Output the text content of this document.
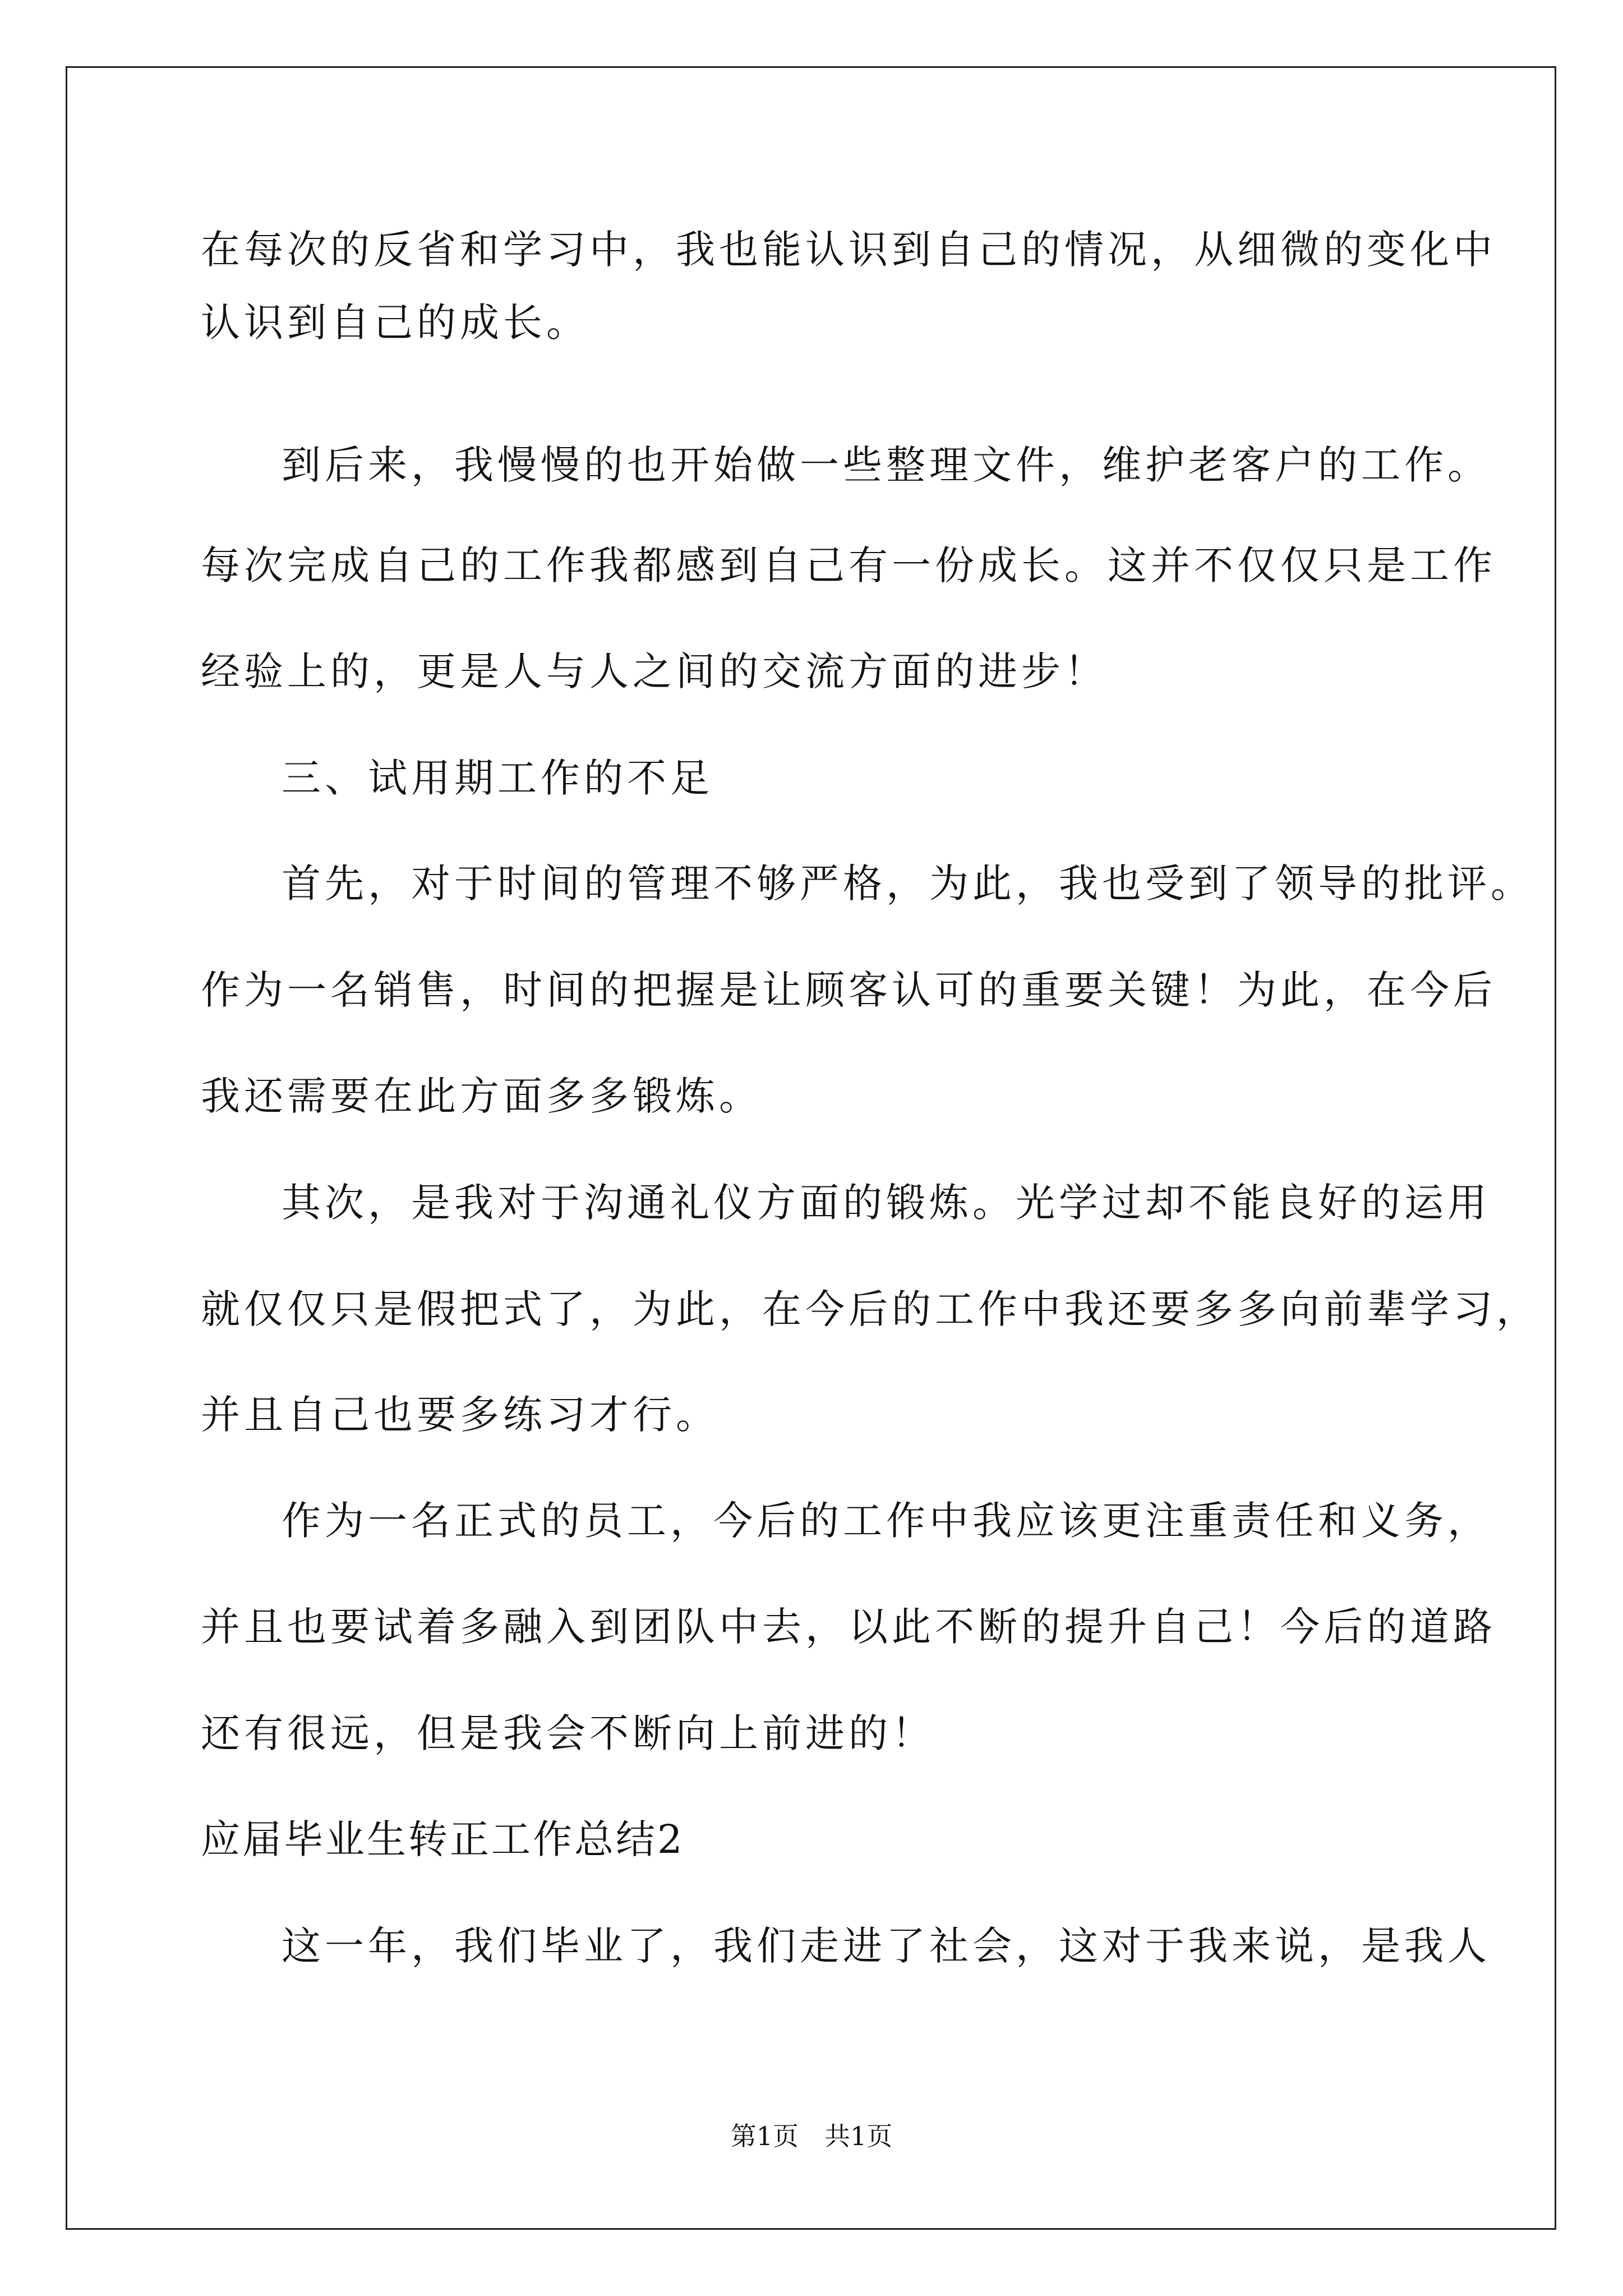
在每次的反省和学习中，我也能认识到自己的情况，从细微的变化中
认识到自己的成长。
到后来，我慢慢的也开始做一些整理文件，维护老客户的工作。
每次完成自己的工作我都感到自己有一份成长。这并不仅仅只是工作
经验上的，更是人与人之间的交流方面的进步！
三、试用期工作的不足
首先，对于时间的管理不够严格，为此，我也受到了领导的批评。
作为一名销售，时间的把握是让顾客认可的重要关键！为此，在今后
我还需要在此方面多多锻炼。
其次，是我对于沟通礼仪方面的锻炼。光学过却不能良好的运用
就仅仅只是假把式了，为此，在今后的工作中我还要多多向前辈学习，
并且自己也要多练习才行。
作为一名正式的员工，今后的工作中我应该更注重责任和义务，
并且也要试着多融入到团队中去，以此不断的提升自己！今后的道路
还有很远，但是我会不断向上前进的！
应届毕业生转正工作总结2
这一年，我们毕业了，我们走进了社会，这对于我来说，是我人
第1页 共1页
